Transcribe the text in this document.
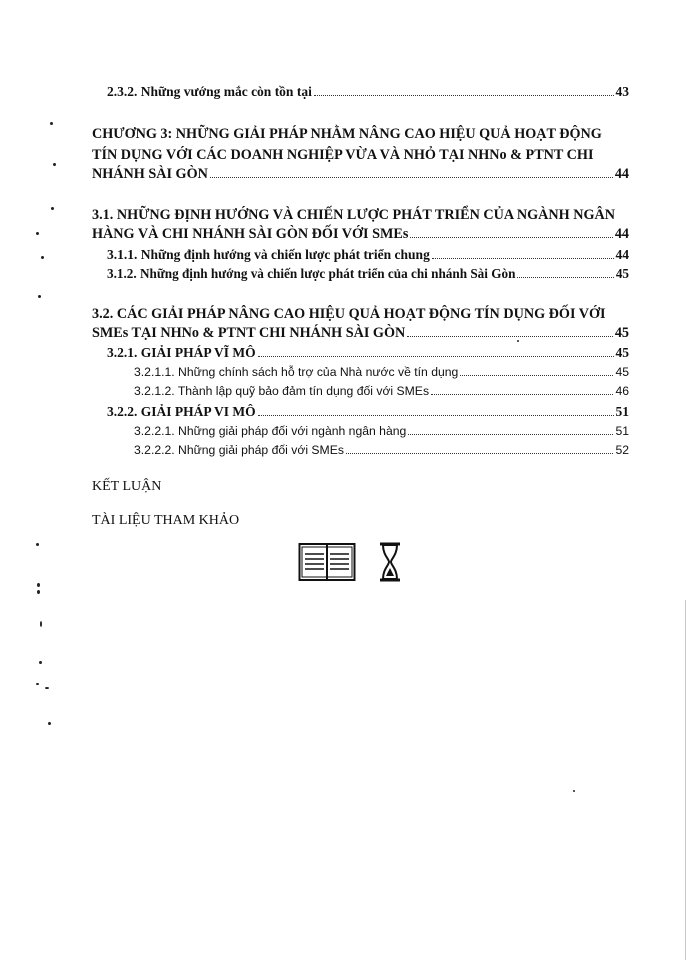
2.3.2. Những vướng mắc còn tồn tại	43
CHƯƠNG 3: NHỮNG GIẢI PHÁP NHẰM NÂNG CAO HIỆU QUẢ HOẠT ĐỘNG
TÍN DỤNG VỚI CÁC DOANH NGHIỆP VỪA VÀ NHỎ TẠI NHNo & PTNT CHI
NHÁNH SÀI GÒN	44
3.1. NHỮNG ĐỊNH HƯỚNG VÀ CHIẾN LƯỢC PHÁT TRIỂN CỦA NGÀNH NGÂN
HÀNG VÀ CHI NHÁNH SÀI GÒN ĐỐI VỚI SMEs	44
3.1.1. Những định hướng và chiến lược phát triển chung	44
3.1.2. Những định hướng và chiến lược phát triển của chi nhánh Sài Gòn	45
3.2. CÁC GIẢI PHÁP NÂNG CAO HIỆU QUẢ HOẠT ĐỘNG TÍN DỤNG ĐỐI VỚI
SMEs TẠI NHNo & PTNT CHI NHÁNH SÀI GÒN	45
3.2.1. GIẢI PHÁP VĨ MÔ	45
3.2.1.1. Những chính sách hỗ trợ của Nhà nước về tín dụng	45
3.2.1.2. Thành lập quỹ bảo đảm tín dụng đối với SMEs	46
3.2.2. GIẢI PHÁP VI MÔ	51
3.2.2.1. Những giải pháp đối với ngành ngân hàng	51
3.2.2.2. Những giải pháp đối với SMEs	52
KẾT LUẬN
TÀI LIỆU THAM KHẢO
